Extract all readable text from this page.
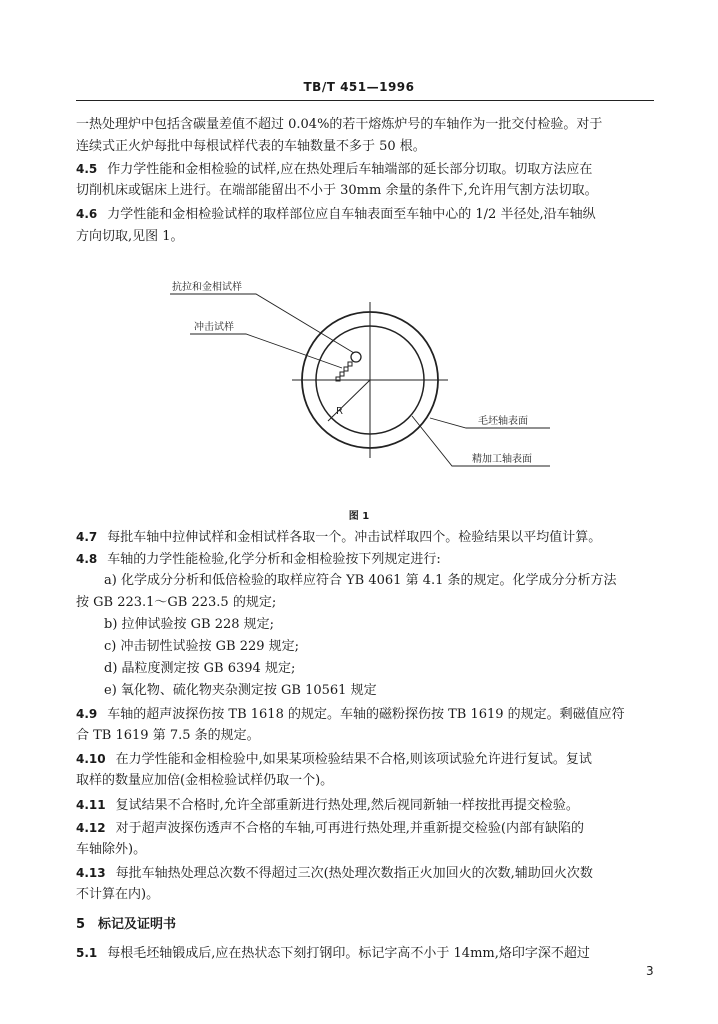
TB/T 451—1996
一热处理炉中包括含碳量差值不超过 0.04%的若干熔炼炉号的车轴作为一批交付检验。对于
连续式正火炉每批中每根试样代表的车轴数量不多于 50 根。
4.5 作力学性能和金相检验的试样,应在热处理后车轴端部的延长部分切取。切取方法应在
切削机床或锯床上进行。在端部能留出不小于 30mm 余量的条件下,允许用气割方法切取。
4.6 力学性能和金相检验试样的取样部位应自车轴表面至车轴中心的 1/2 半径处,沿车轴纵
方向切取,见图 1。
R
抗拉和金相试样
冲击试样
毛坯轴表面
精加工轴表面
图 1
4.7 每批车轴中拉伸试样和金相试样各取一个。冲击试样取四个。检验结果以平均值计算。
4.8 车轴的力学性能检验,化学分析和金相检验按下列规定进行:
a) 化学成分分析和低倍检验的取样应符合 YB 4061 第 4.1 条的规定。化学成分分析方法
按 GB 223.1～GB 223.5 的规定;
b) 拉伸试验按 GB 228 规定;
c) 冲击韧性试验按 GB 229 规定;
d) 晶粒度测定按 GB 6394 规定;
e) 氧化物、硫化物夹杂测定按 GB 10561 规定
4.9 车轴的超声波探伤按 TB 1618 的规定。车轴的磁粉探伤按 TB 1619 的规定。剩磁值应符
合 TB 1619 第 7.5 条的规定。
4.10 在力学性能和金相检验中,如果某项检验结果不合格,则该项试验允许进行复试。复试
取样的数量应加倍(金相检验试样仍取一个)。
4.11 复试结果不合格时,允许全部重新进行热处理,然后视同新轴一样按批再提交检验。
4.12 对于超声波探伤透声不合格的车轴,可再进行热处理,并重新提交检验(内部有缺陷的
车轴除外)。
4.13 每批车轴热处理总次数不得超过三次(热处理次数指正火加回火的次数,辅助回火次数
不计算在内)。
5　标记及证明书
5.1 每根毛坯轴锻成后,应在热状态下刻打钢印。标记字高不小于 14mm,烙印字深不超过
3
